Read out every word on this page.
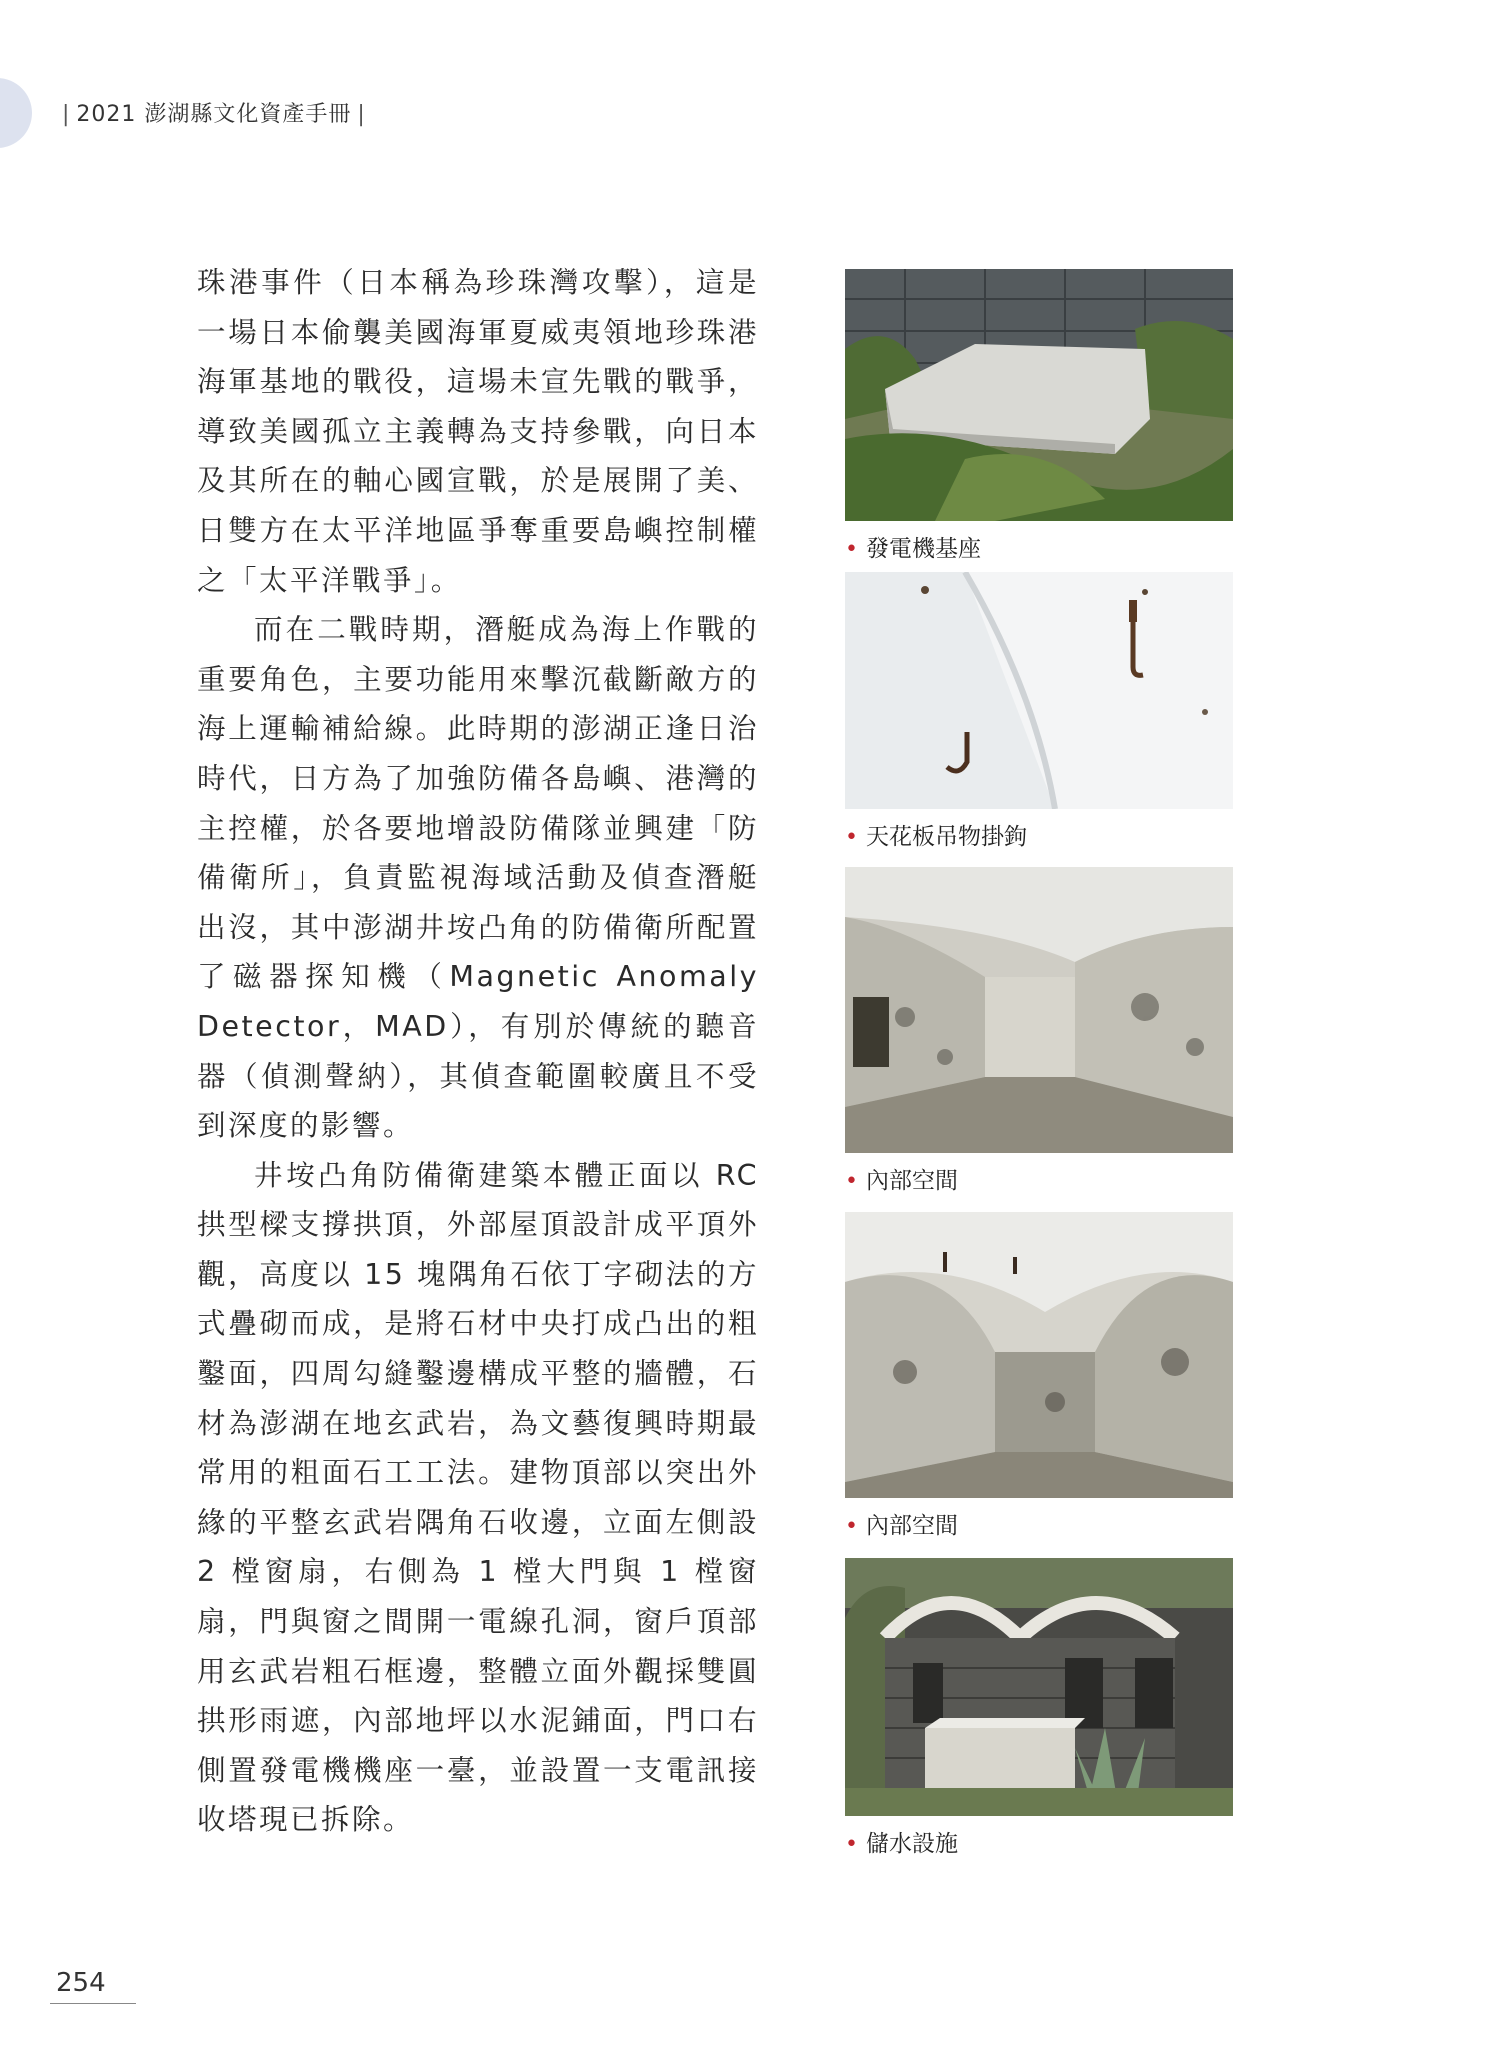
| 2021 澎湖縣文化資產手冊 |

珠港事件（日本稱為珍珠灣攻擊），這是一場日本偷襲美國海軍夏威夷領地珍珠港海軍基地的戰役，這場未宣先戰的戰爭，導致美國孤立主義轉為支持參戰，向日本及其所在的軸心國宣戰，於是展開了美、日雙方在太平洋地區爭奪重要島嶼控制權之「太平洋戰爭」。

而在二戰時期，潛艇成為海上作戰的重要角色，主要功能用來擊沉截斷敵方的海上運輸補給線。此時期的澎湖正逢日治時代，日方為了加強防備各島嶼、港灣的主控權，於各要地增設防備隊並興建「防備衛所」，負責監視海域活動及偵查潛艇出沒，其中澎湖井垵凸角的防備衛所配置了磁器探知機（Magnetic Anomaly Detector，MAD），有別於傳統的聽音器（偵測聲納），其偵查範圍較廣且不受到深度的影響。

井垵凸角防備衛建築本體正面以 RC 拱型樑支撐拱頂，外部屋頂設計成平頂外觀，高度以 15 塊隅角石依丁字砌法的方式疊砌而成，是將石材中央打成凸出的粗鑿面，四周勾縫鑿邊構成平整的牆體，石材為澎湖在地玄武岩，為文藝復興時期最常用的粗面石工工法。建物頂部以突出外緣的平整玄武岩隅角石收邊，立面左側設 2 樘窗扇，右側為 1 樘大門與 1 樘窗扇，門與窗之間開一電線孔洞，窗戶頂部用玄武岩粗石框邊，整體立面外觀採雙圓拱形雨遮，內部地坪以水泥鋪面，門口右側置發電機機座一臺，並設置一支電訊接收塔現已拆除。

• 發電機基座
• 天花板吊物掛鉤
• 內部空間
• 內部空間
• 儲水設施
254
